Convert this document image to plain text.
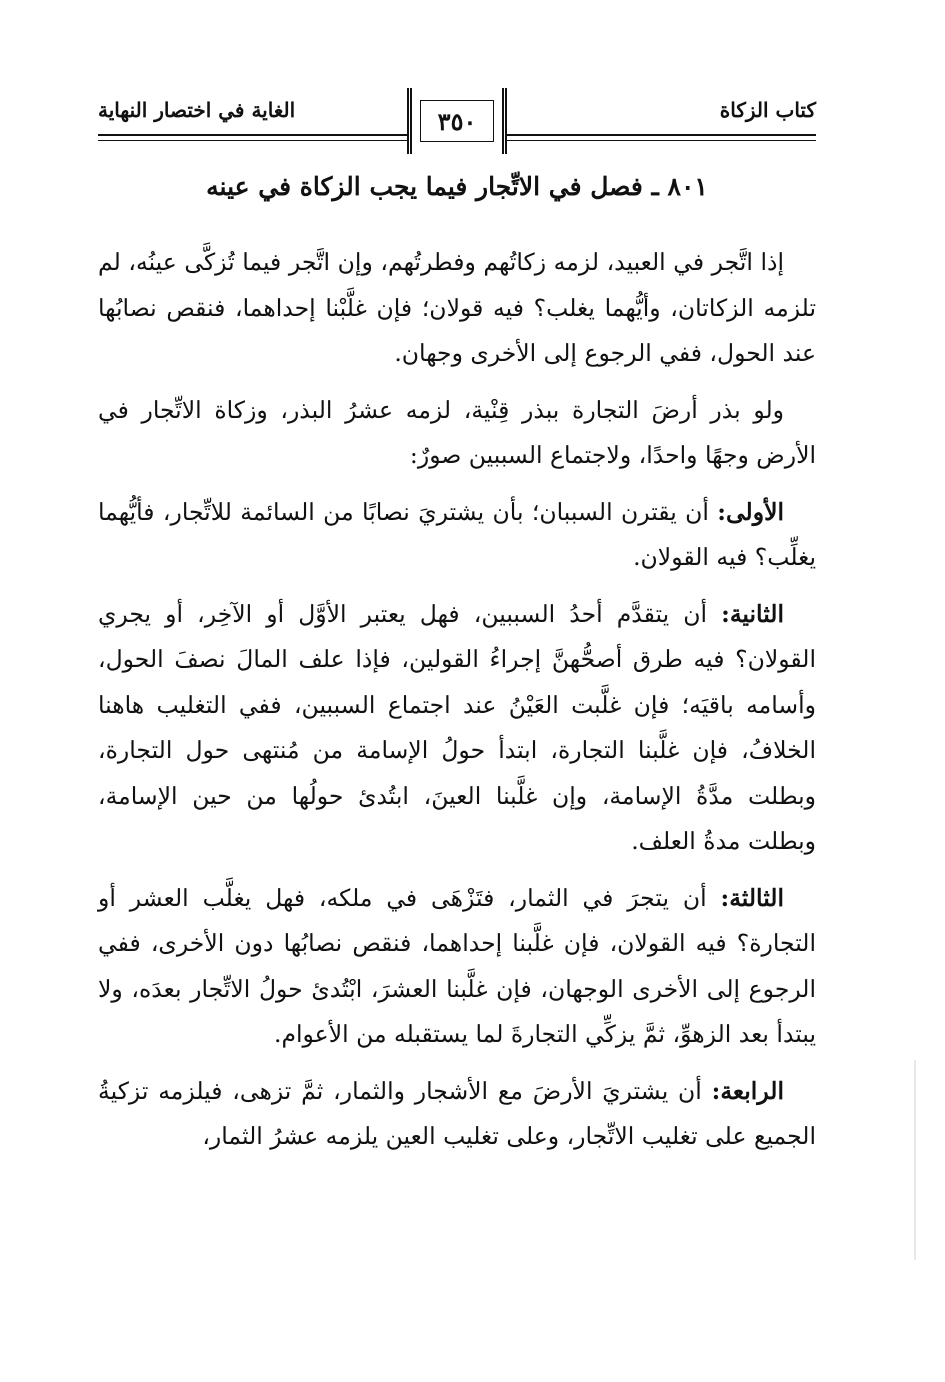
كتاب الزكاة
الغاية في اختصار النهاية	٣٥٠
٨٠١ ـ فصل في الاتِّجار فيما يجب الزكاة في عينه

إذا اتَّجر في العبيد، لزمه زكاتُهم وفطرتُهم، وإن اتَّجر فيما تُزكَّى عينُه، لم تلزمه الزكاتان، وأيُّهما يغلب؟ فيه قولان؛ فإن غلَّبْنا إحداهما، فنقص نصابُها عند الحول، ففي الرجوع إلى الأخرى وجهان.

ولو بذر أرضَ التجارة ببذر قِنْية، لزمه عشرُ البذر، وزكاة الاتِّجار في الأرض وجهًا واحدًا، ولاجتماع السببين صورٌ:

الأولى: أن يقترن السببان؛ بأن يشتريَ نصابًا من السائمة للاتِّجار، فأيُّهما يغلِّب؟ فيه القولان.

الثانية: أن يتقدَّم أحدُ السببين، فهل يعتبر الأوَّل أو الآخِر، أو يجري القولان؟ فيه طرق أصحُّهنَّ إجراءُ القولين، فإذا علف المالَ نصفَ الحول، وأسامه باقيَه؛ فإن غلَّبت العَيْنُ عند اجتماع السببين، ففي التغليب هاهنا الخلافُ، فإن غلَّبنا التجارة، ابتدأ حولُ الإسامة من مُنتهى حول التجارة، وبطلت مدَّةُ الإسامة، وإن غلَّبنا العينَ، ابتُدئ حولُها من حين الإسامة، وبطلت مدةُ العلف.

الثالثة: أن يتجرَ في الثمار، فتَزْهَى في ملكه، فهل يغلَّب العشر أو التجارة؟ فيه القولان، فإن غلَّبنا إحداهما، فنقص نصابُها دون الأخرى، ففي الرجوع إلى الأخرى الوجهان، فإن غلَّبنا العشرَ، ابْتُدئ حولُ الاتِّجار بعدَه، ولا يبتدأ بعد الزهوِّ، ثمَّ يزكِّي التجارةَ لما يستقبله من الأعوام.

الرابعة: أن يشتريَ الأرضَ مع الأشجار والثمار، ثمَّ تزهى، فيلزمه تزكيةُ الجميع على تغليب الاتِّجار، وعلى تغليب العين يلزمه عشرُ الثمار،
